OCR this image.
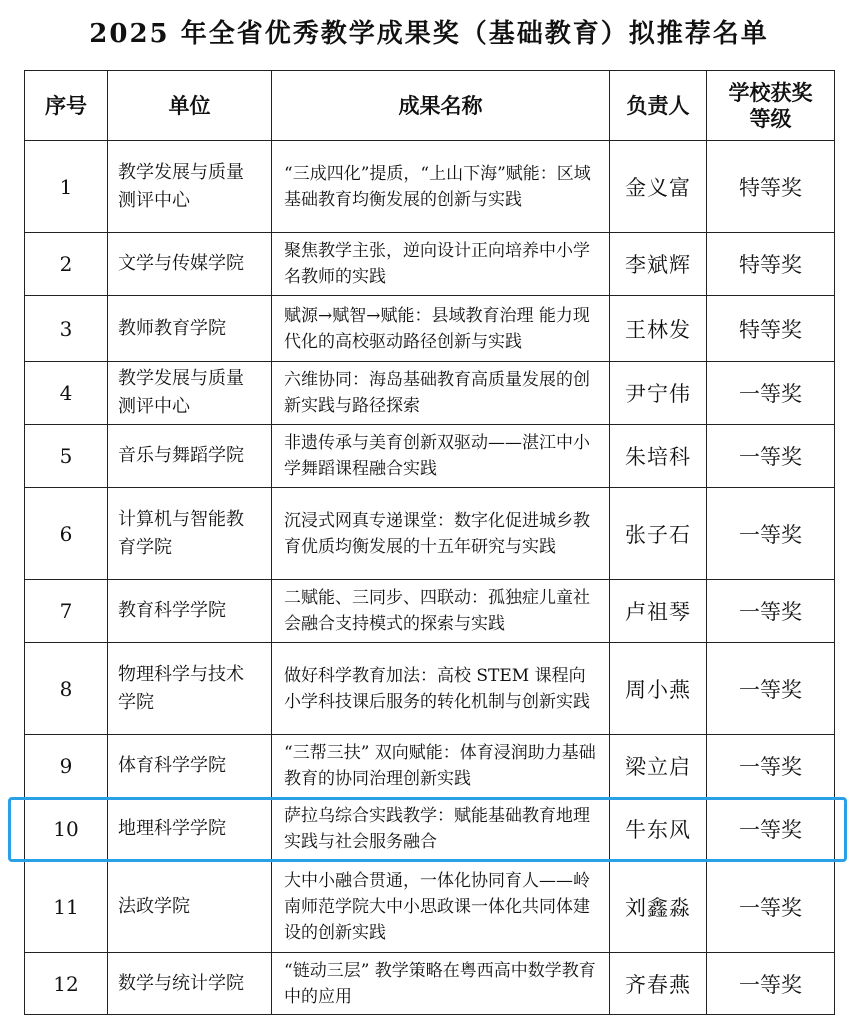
2025 年全省优秀教学成果奖（基础教育）拟推荐名单
序号	单位	成果名称	负责人	学校获奖等级
1	教学发展与质量测评中心	“三成四化”提质，“上山下海”赋能：区域基础教育均衡发展的创新与实践	金义富	特等奖
2	文学与传媒学院	聚焦教学主张，逆向设计正向培养中小学名教师的实践	李斌辉	特等奖
3	教师教育学院	赋源→赋智→赋能：县域教育治理 能力现代化的高校驱动路径创新与实践	王林发	特等奖
4	教学发展与质量测评中心	六维协同：海岛基础教育高质量发展的创新实践与路径探索	尹宁伟	一等奖
5	音乐与舞蹈学院	非遗传承与美育创新双驱动——湛江中小学舞蹈课程融合实践	朱培科	一等奖
6	计算机与智能教育学院	沉浸式网真专递课堂：数字化促进城乡教育优质均衡发展的十五年研究与实践	张子石	一等奖
7	教育科学学院	二赋能、三同步、四联动：孤独症儿童社会融合支持模式的探索与实践	卢祖琴	一等奖
8	物理科学与技术学院	做好科学教育加法：高校 STEM 课程向小学科技课后服务的转化机制与创新实践	周小燕	一等奖
9	体育科学学院	“三帮三扶” 双向赋能：体育浸润助力基础教育的协同治理创新实践	梁立启	一等奖
10	地理科学学院	萨拉乌综合实践教学：赋能基础教育地理实践与社会服务融合	牛东风	一等奖
11	法政学院	大中小融合贯通，一体化协同育人——岭南师范学院大中小思政课一体化共同体建设的创新实践	刘鑫淼	一等奖
12	数学与统计学院	“链动三层” 教学策略在粤西高中数学教育中的应用	齐春燕	一等奖
